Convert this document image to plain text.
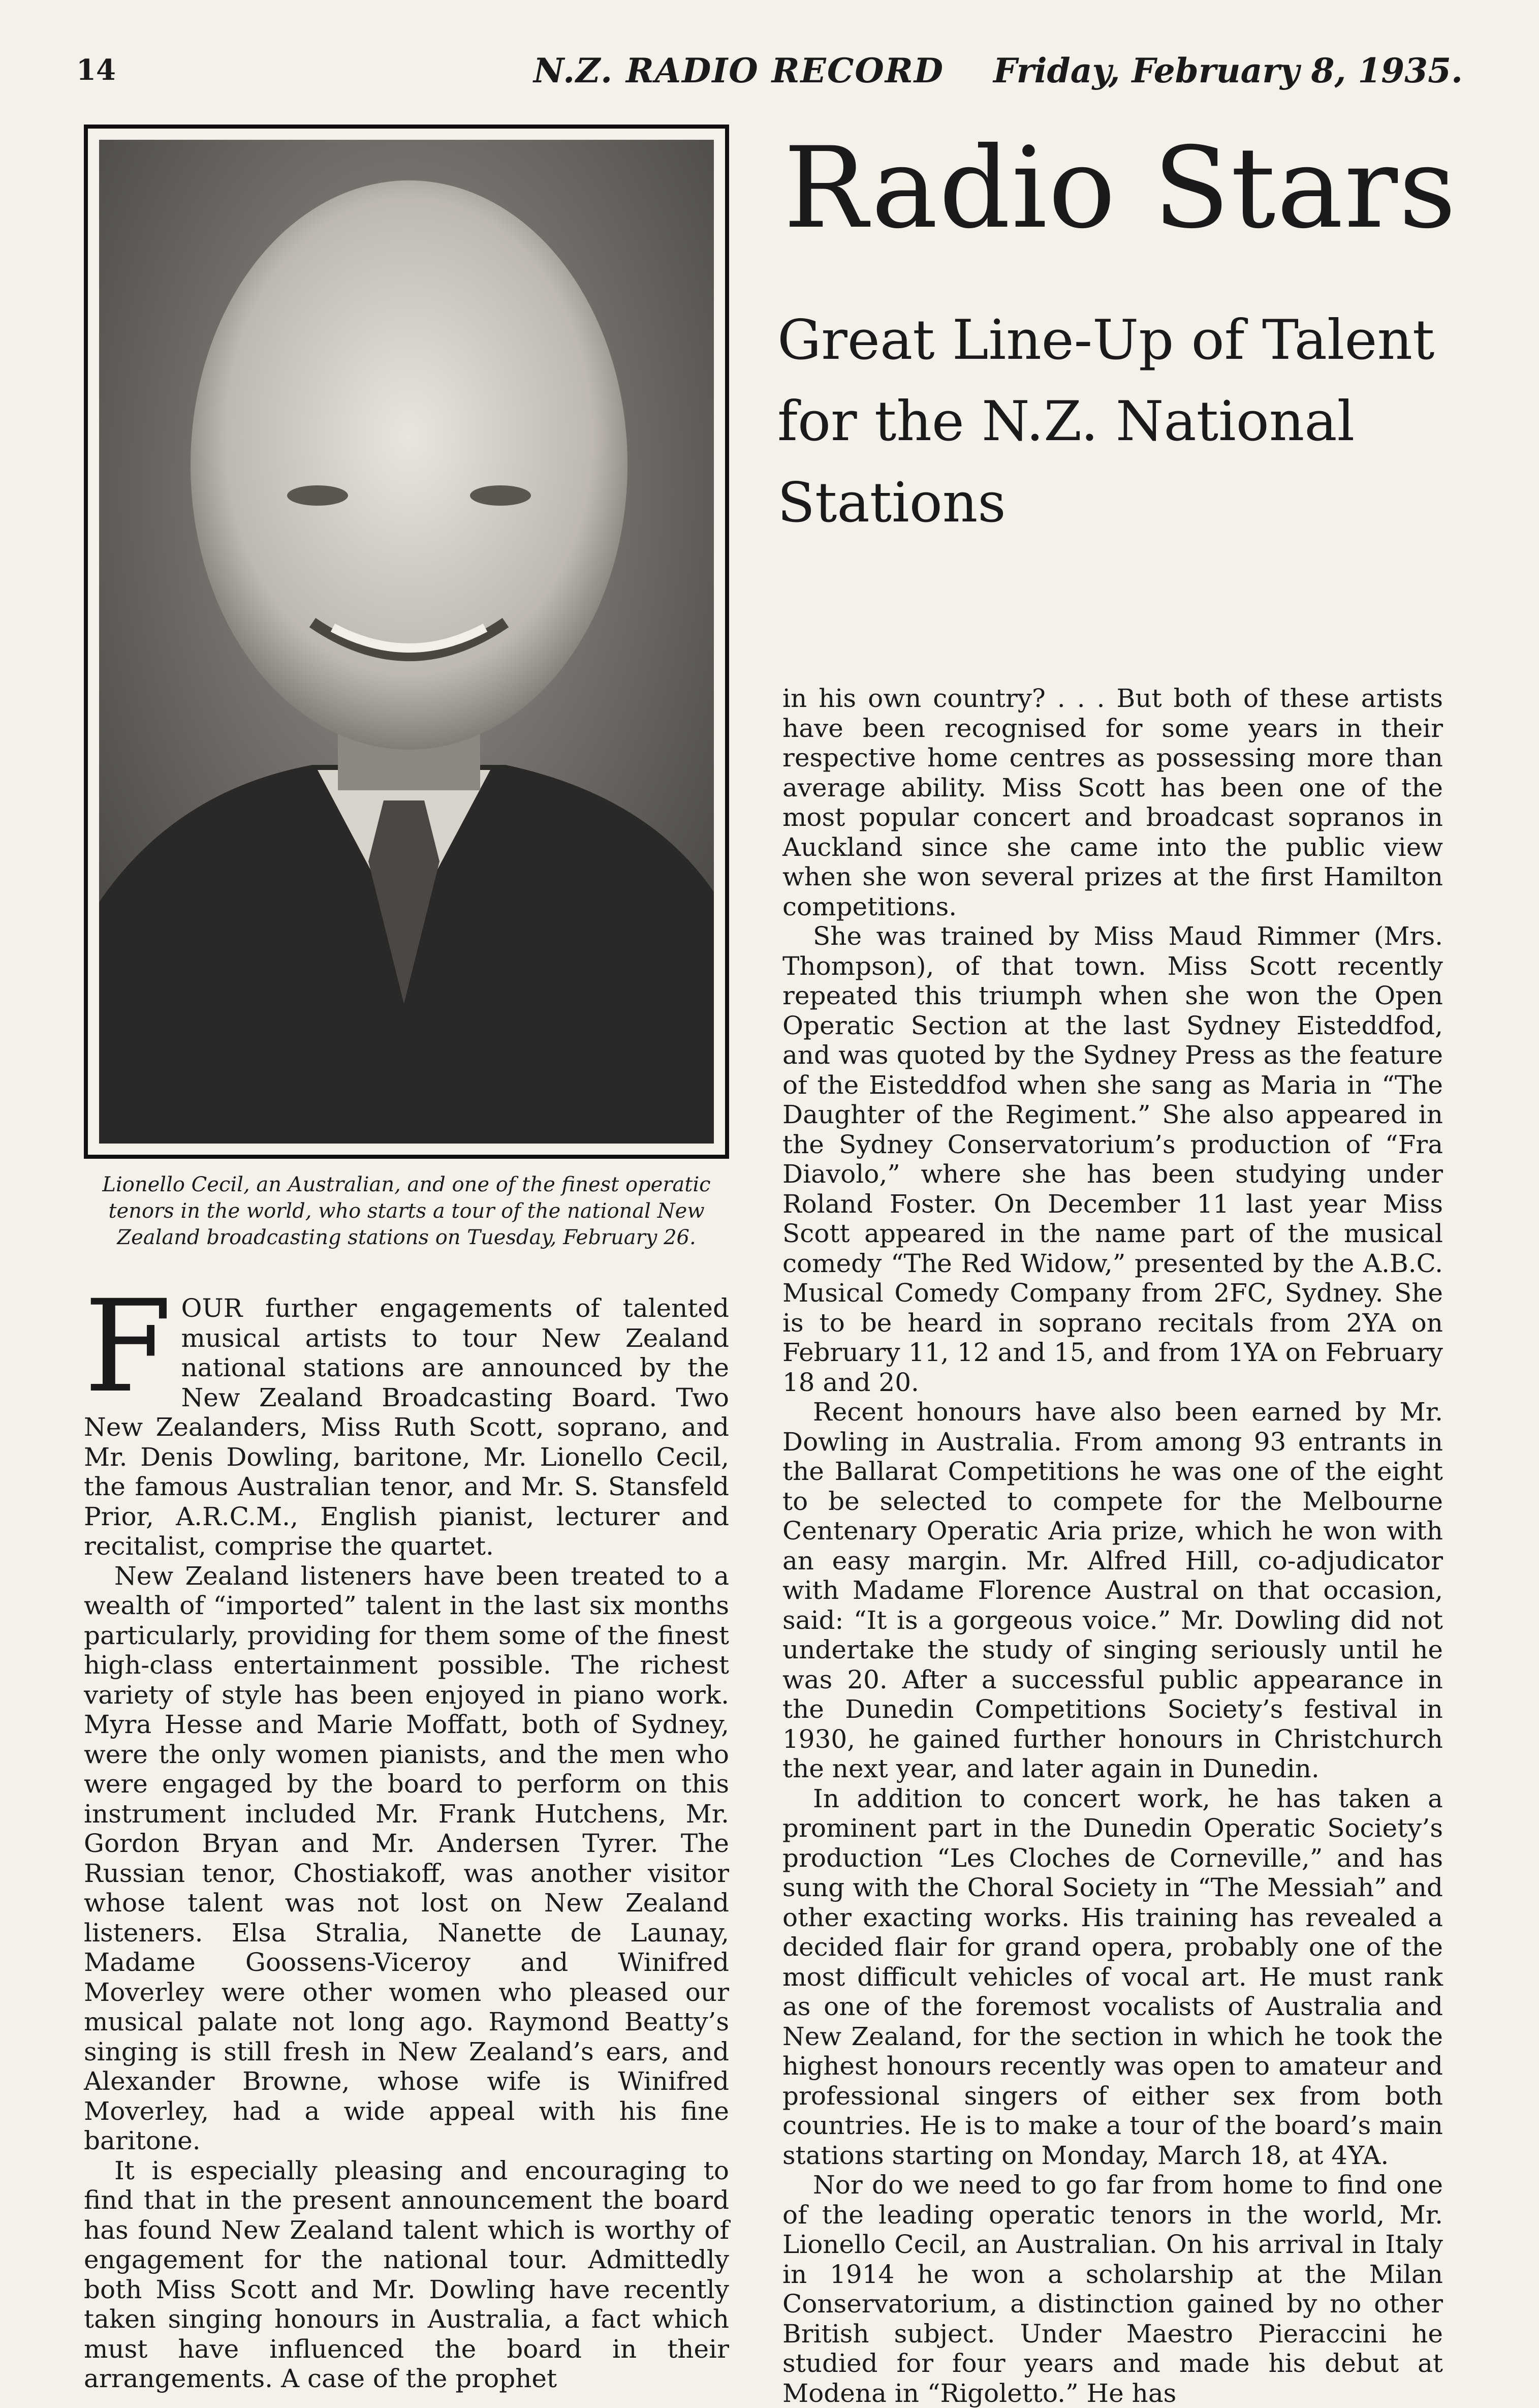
14	N.Z. RADIO RECORD Friday, February 8, 1935.
Lionello Cecil, an Australian, and one of the finest operatic tenors in the world, who starts a tour of the national New Zealand broadcasting stations on Tuesday, February 26.
Radio Stars
Great Line-Up of Talent for the N.Z. National Stations

FOUR further engagements of talented musical artists to tour New Zealand national stations are announced by the New Zealand Broadcasting Board. Two New Zealanders, Miss Ruth Scott, soprano, and Mr. Denis Dowling, baritone, Mr. Lionello Cecil, the famous Australian tenor, and Mr. S. Stansfeld Prior, A.R.C.M., English pianist, lecturer and recitalist, comprise the quartet.

New Zealand listeners have been treated to a wealth of “imported” talent in the last six months particularly, providing for them some of the finest high-class entertainment possible. The richest variety of style has been enjoyed in piano work. Myra Hesse and Marie Moffatt, both of Sydney, were the only women pianists, and the men who were engaged by the board to perform on this instrument included Mr. Frank Hutchens, Mr. Gordon Bryan and Mr. Andersen Tyrer. The Russian tenor, Chostiakoff, was another visitor whose talent was not lost on New Zealand listeners. Elsa Stralia, Nanette de Launay, Madame Goossens-Viceroy and Winifred Moverley were other women who pleased our musical palate not long ago. Raymond Beatty’s singing is still fresh in New Zealand’s ears, and Alexander Browne, whose wife is Winifred Moverley, had a wide appeal with his fine baritone.

It is especially pleasing and encouraging to find that in the present announcement the board has found New Zealand talent which is worthy of engagement for the national tour. Admittedly both Miss Scott and Mr. Dowling have recently taken singing honours in Australia, a fact which must have influenced the board in their arrangements. A case of the prophet

in his own country? . . . But both of these artists have been recognised for some years in their respective home centres as possessing more than average ability. Miss Scott has been one of the most popular concert and broadcast sopranos in Auckland since she came into the public view when she won several prizes at the first Hamilton competitions.

She was trained by Miss Maud Rimmer (Mrs. Thompson), of that town. Miss Scott recently repeated this triumph when she won the Open Operatic Section at the last Sydney Eisteddfod, and was quoted by the Sydney Press as the feature of the Eisteddfod when she sang as Maria in “The Daughter of the Regiment.” She also appeared in the Sydney Conservatorium’s production of “Fra Diavolo,” where she has been studying under Roland Foster. On December 11 last year Miss Scott appeared in the name part of the musical comedy “The Red Widow,” presented by the A.B.C. Musical Comedy Company from 2FC, Sydney. She is to be heard in soprano recitals from 2YA on February 11, 12 and 15, and from 1YA on February 18 and 20.

Recent honours have also been earned by Mr. Dowling in Australia. From among 93 entrants in the Ballarat Competitions he was one of the eight to be selected to compete for the Melbourne Centenary Operatic Aria prize, which he won with an easy margin. Mr. Alfred Hill, co-adjudicator with Madame Florence Austral on that occasion, said: “It is a gorgeous voice.” Mr. Dowling did not undertake the study of singing seriously until he was 20. After a successful public appearance in the Dunedin Competitions Society’s festival in 1930, he gained further honours in Christchurch the next year, and later again in Dunedin.

In addition to concert work, he has taken a prominent part in the Dunedin Operatic Society’s production “Les Cloches de Corneville,” and has sung with the Choral Society in “The Messiah” and other exacting works. His training has revealed a decided flair for grand opera, probably one of the most difficult vehicles of vocal art. He must rank as one of the foremost vocalists of Australia and New Zealand, for the section in which he took the highest honours recently was open to amateur and professional singers of either sex from both countries. He is to make a tour of the board’s main stations starting on Monday, March 18, at 4YA.

Nor do we need to go far from home to find one of the leading operatic tenors in the world, Mr. Lionello Cecil, an Australian. On his arrival in Italy in 1914 he won a scholarship at the Milan Conservatorium, a distinction gained by no other British subject. Under Maestro Pieraccini he studied for four years and made his debut at Modena in “Rigoletto.” He has
